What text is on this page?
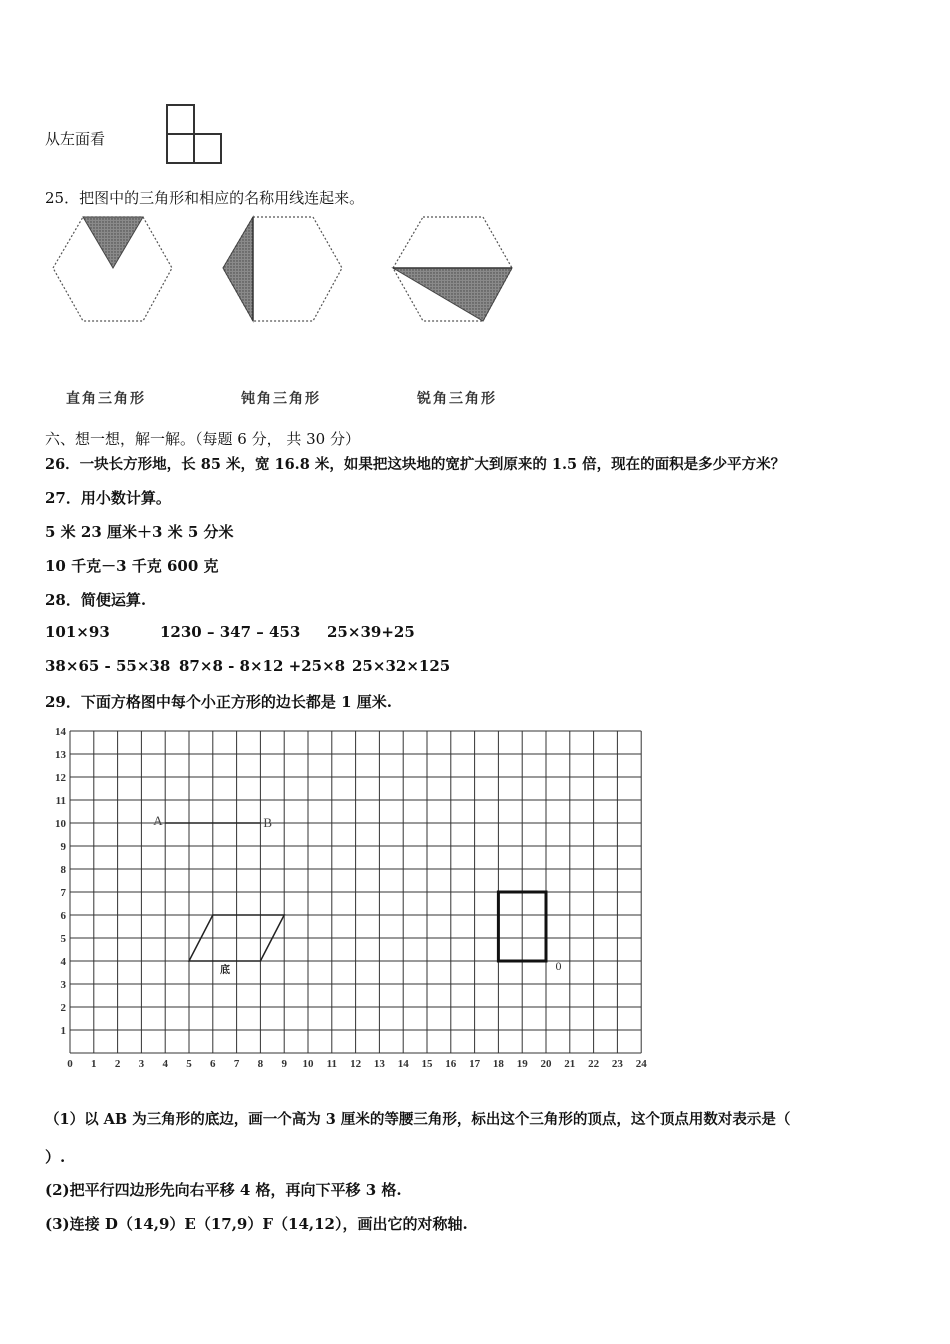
从左面看
25．把图中的三角形和相应的名称用线连起来。
直角三角形	钝角三角形	锐角三角形
六、想一想，解一解。（每题 6 分， 共 30 分）
26．一块长方形地，长 85 米，宽 16.8 米，如果把这块地的宽扩大到原来的 1.5 倍，现在的面积是多少平方米？
27．用小数计算。
5 米 23 厘米＋3 米 5 分米
10 千克－3 千克 600 克
28．简便运算.
101×93	1230 – 347 – 453 25×39+25
38×65 - 55×38 87×8 - 8×12 +25×8 25×32×125
29．下面方格图中每个小正方形的边长都是 1 厘米.
0 1 2 3 4 5 6 7 8 9 10 11 12 13 14 15 16 17 18 19 20 21 22 23 24
1
2
3
4
5
6
7
8
9
10
11
12
13
14
A	B
底	0
（1）以 AB 为三角形的底边，画一个高为 3 厘米的等腰三角形，标出这个三角形的顶点，这个顶点用数对表示是（
）.
(2)把平行四边形先向右平移 4 格，再向下平移 3 格.
(3)连接 D（14,9）E（17,9）F（14,12），画出它的对称轴.
